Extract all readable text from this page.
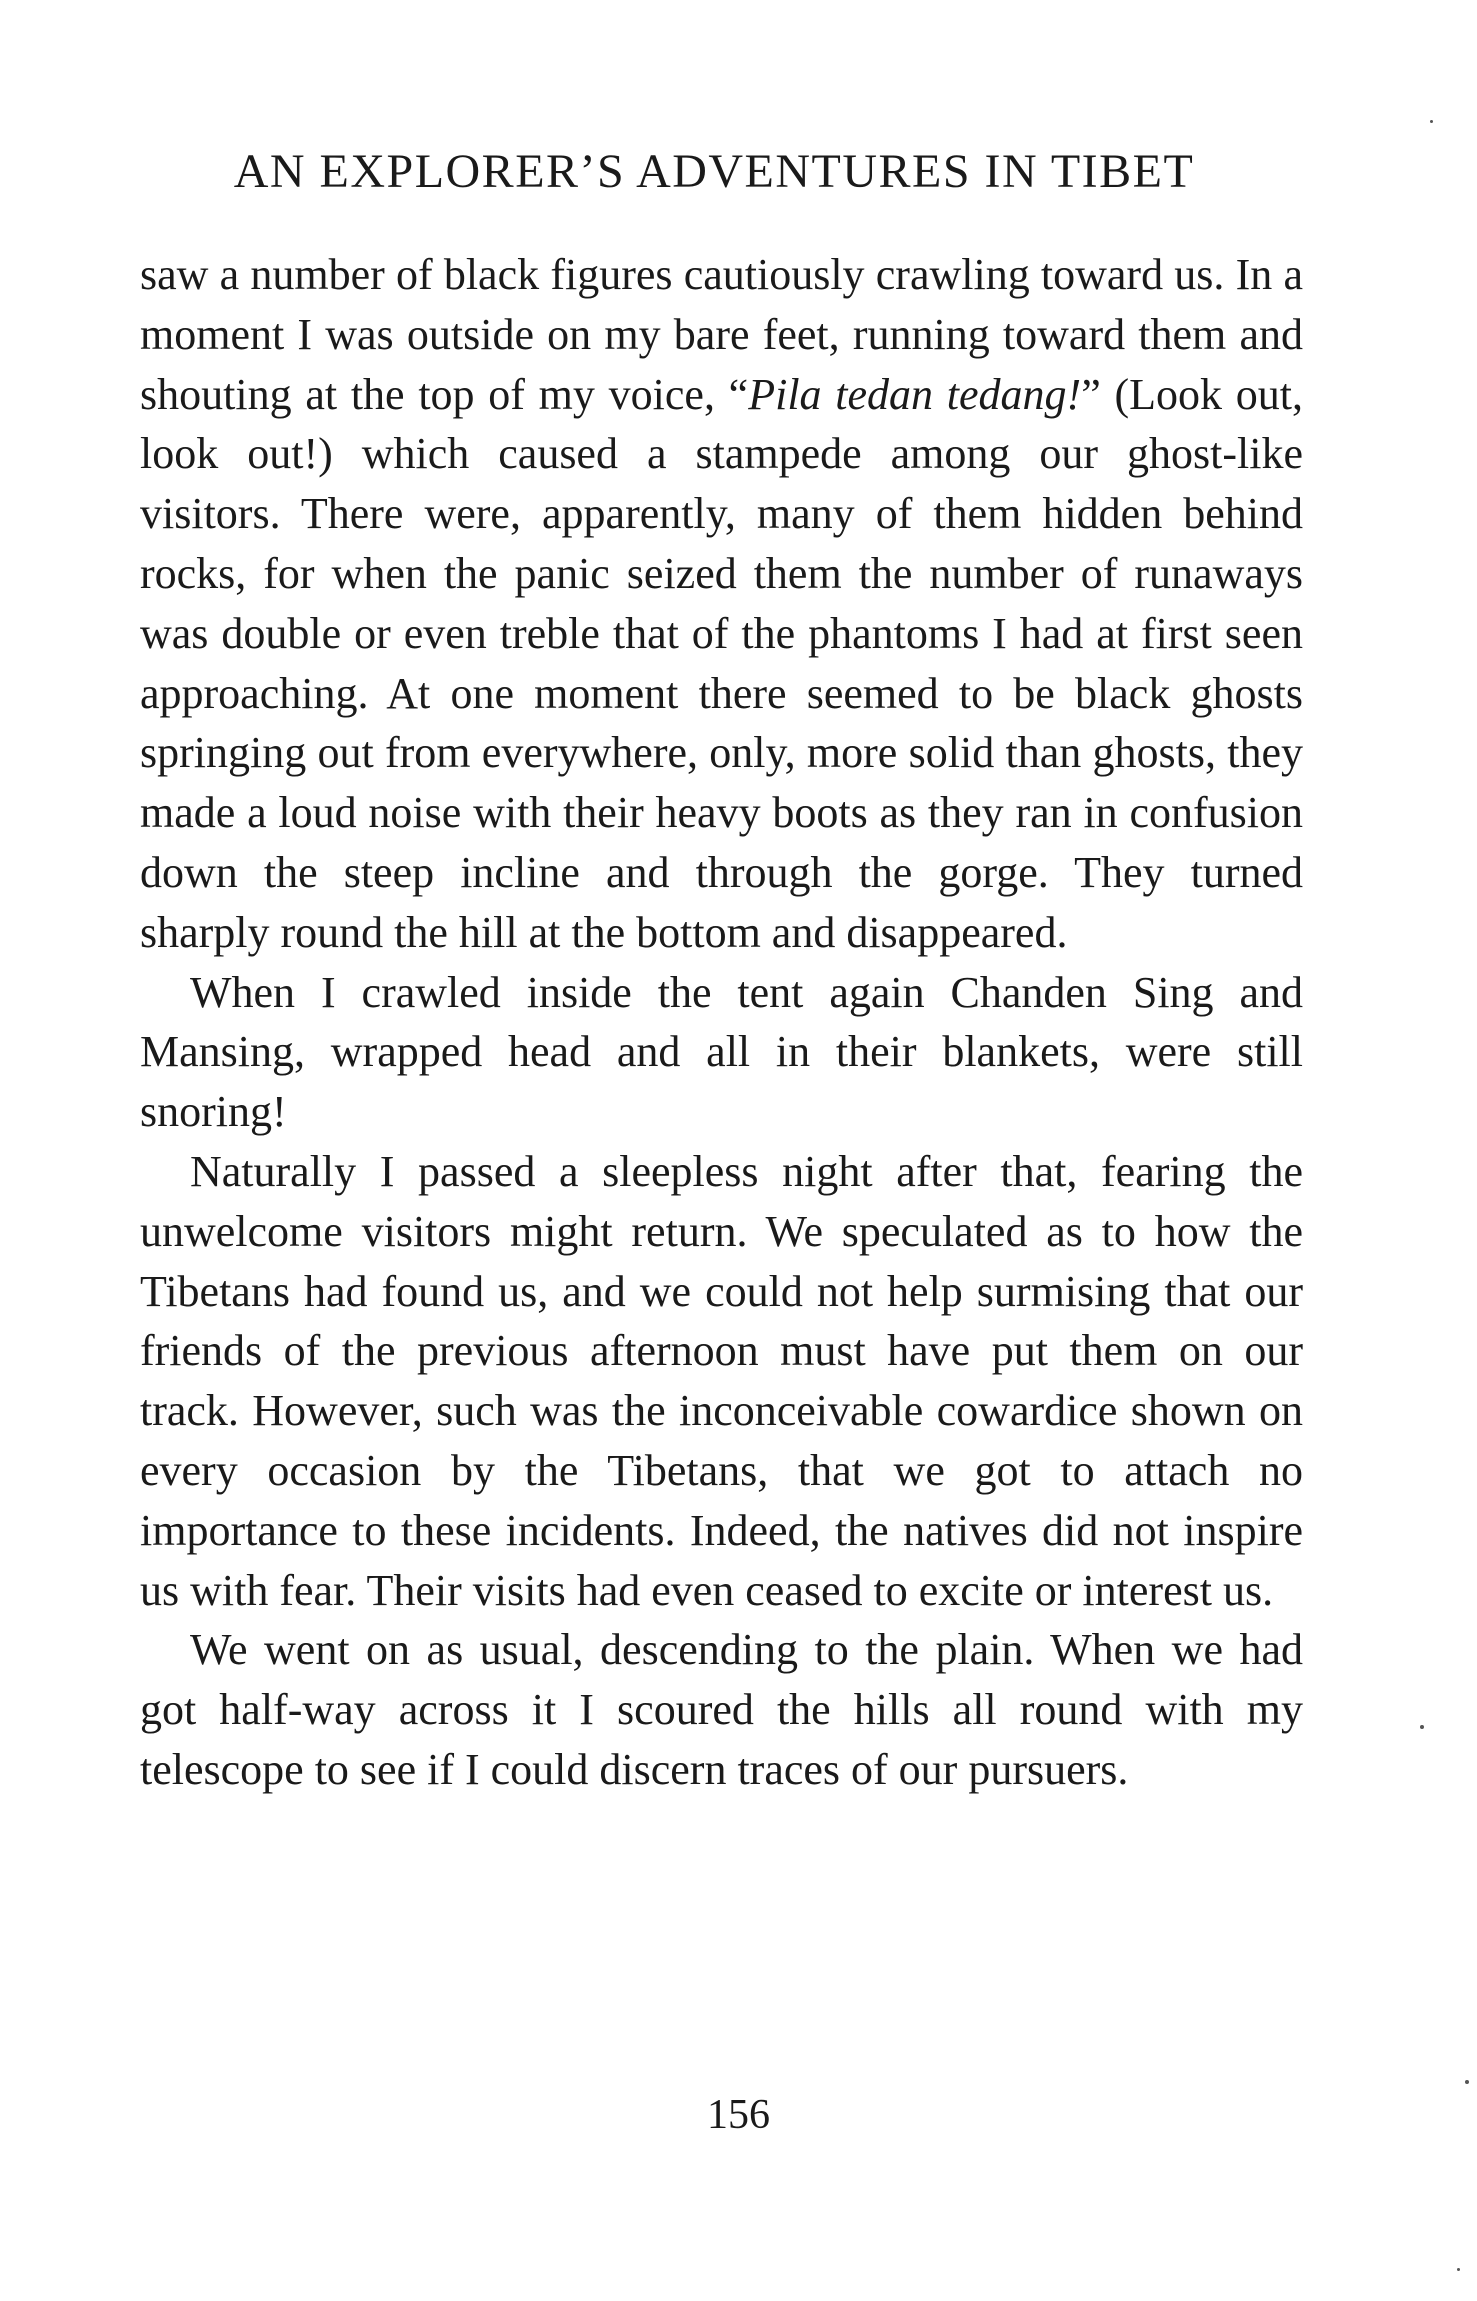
AN EXPLORER’S ADVENTURES IN TIBET

saw a number of black figures cautiously crawling toward us. In a moment I was outside on my bare feet, running toward them and shouting at the top of my voice, “Pila tedan tedang!” (Look out, look out!) which caused a stampede among our ghost-like visitors. There were, apparently, many of them hidden behind rocks, for when the panic seized them the number of runaways was double or even treble that of the phantoms I had at first seen approaching. At one moment there seemed to be black ghosts springing out from everywhere, only, more solid than ghosts, they made a loud noise with their heavy boots as they ran in confusion down the steep incline and through the gorge. They turned sharply round the hill at the bottom and disappeared.

When I crawled inside the tent again Chanden Sing and Mansing, wrapped head and all in their blankets, were still snoring!

Naturally I passed a sleepless night after that, fearing the unwelcome visitors might return. We speculated as to how the Tibetans had found us, and we could not help surmising that our friends of the previous afternoon must have put them on our track. However, such was the inconceivable cowardice shown on every occasion by the Tibetans, that we got to attach no importance to these incidents. Indeed, the natives did not inspire us with fear. Their visits had even ceased to excite or interest us.

We went on as usual, descending to the plain. When we had got half-way across it I scoured the hills all round with my telescope to see if I could discern traces of our pursuers.

156
